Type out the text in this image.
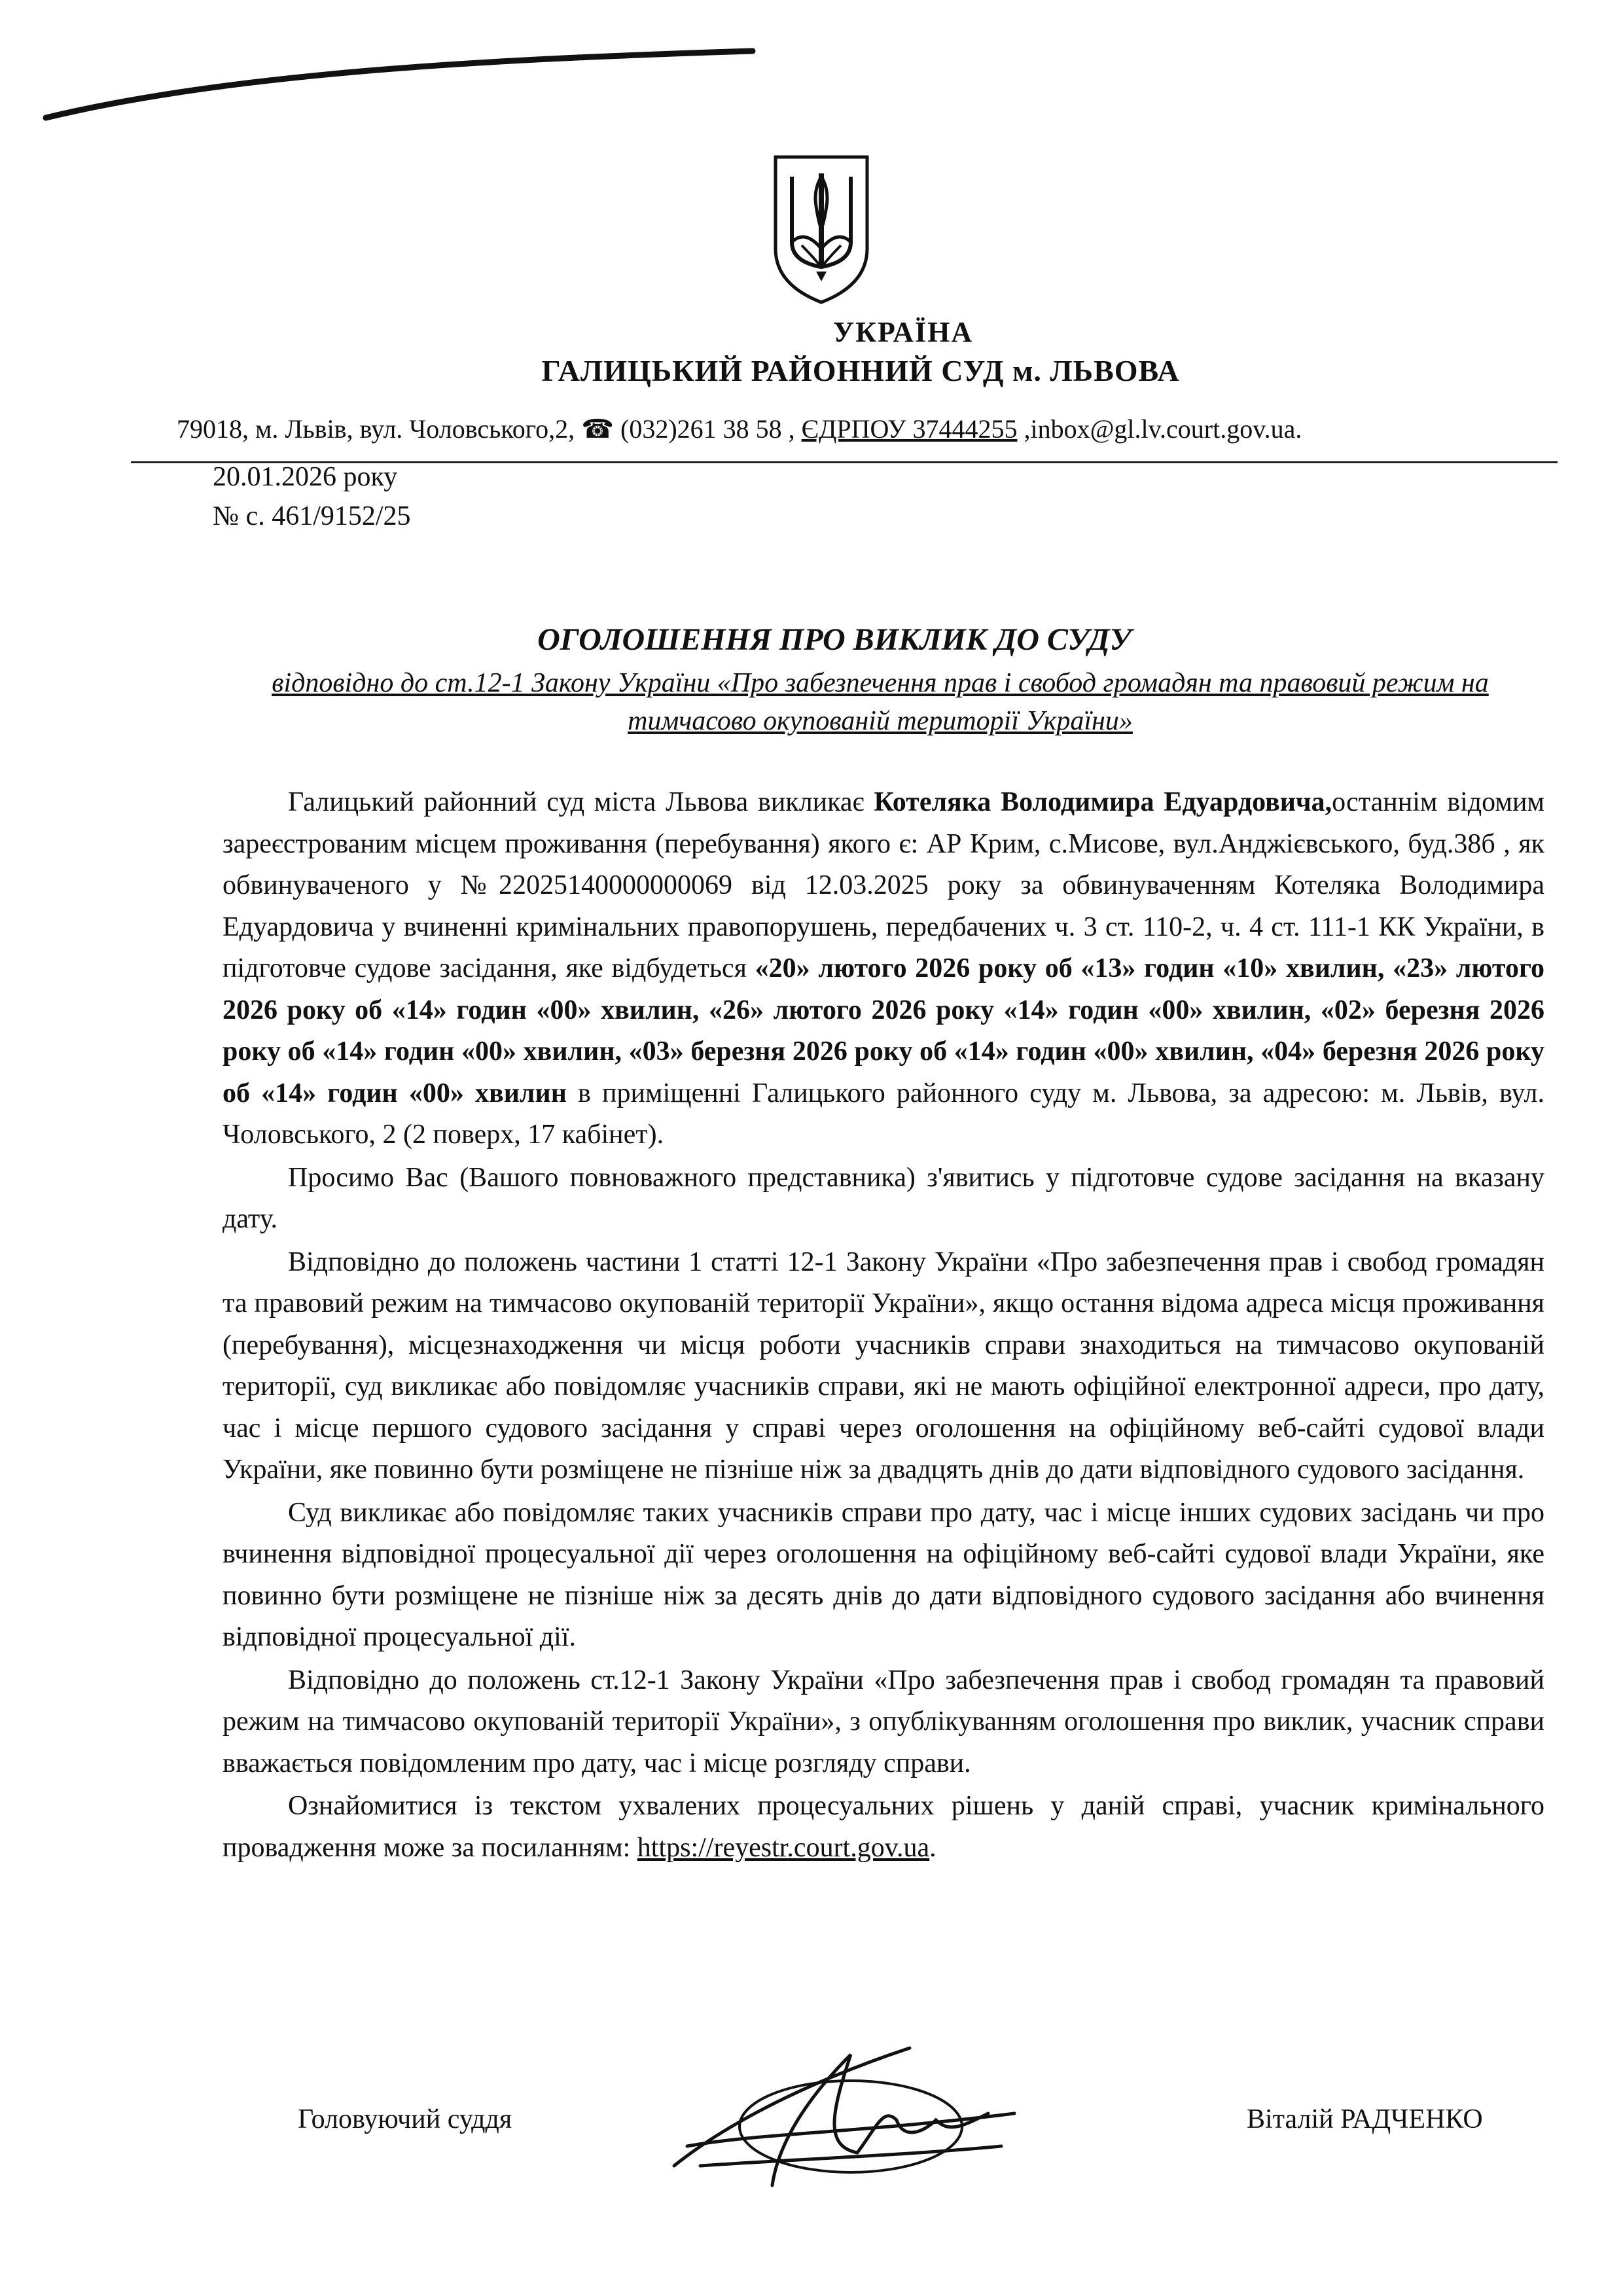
УКРАЇНА
ГАЛИЦЬКИЙ РАЙОННИЙ СУД м. ЛЬВОВА
79018, м. Львів, вул. Чоловського,2, ☎ (032)261 38 58 , ЄДРПОУ 37444255 ,inbox@gl.lv.court.gov.ua.
20.01.2026 року
№ с. 461/9152/25
ОГОЛОШЕННЯ ПРО ВИКЛИК ДО СУДУ
відповідно до ст.12-1 Закону України «Про забезпечення прав і свобод громадян та правовий режим на тимчасово окупованій території України»

Галицький районний суд міста Львова викликає Котеляка Володимира Едуардовича,останнім відомим зареєстрованим місцем проживання (перебування) якого є: АР Крим, с.Мисове, вул.Анджієвського, буд.38б , як обвинуваченого у №22025140000000069 від 12.03.2025 року за обвинуваченням Котеляка Володимира Едуардовича у вчиненні кримінальних правопорушень, передбачених ч. 3 ст. 110-2, ч. 4 ст. 111-1 КК України, в підготовче судове засідання, яке відбудеться «20» лютого 2026 року об «13» годин «10» хвилин, «23» лютого 2026 року об «14» годин «00» хвилин, «26» лютого 2026 року «14» годин «00» хвилин, «02» березня 2026 року об «14» годин «00» хвилин, «03» березня 2026 року об «14» годин «00» хвилин, «04» березня 2026 року об «14» годин «00» хвилин в приміщенні Галицького районного суду м. Львова, за адресою: м. Львів, вул. Чоловського, 2 (2 поверх, 17 кабінет).

Просимо Вас (Вашого повноважного представника) з'явитись у підготовче судове засідання на вказану дату.

Відповідно до положень частини 1 статті 12-1 Закону України «Про забезпечення прав і свобод громадян та правовий режим на тимчасово окупованій території України», якщо остання відома адреса місця проживання (перебування), місцезнаходження чи місця роботи учасників справи знаходиться на тимчасово окупованій території, суд викликає або повідомляє учасників справи, які не мають офіційної електронної адреси, про дату, час і місце першого судового засідання у справі через оголошення на офіційному веб-сайті судової влади України, яке повинно бути розміщене не пізніше ніж за двадцять днів до дати відповідного судового засідання.

Суд викликає або повідомляє таких учасників справи про дату, час і місце інших судових засідань чи про вчинення відповідної процесуальної дії через оголошення на офіційному веб-сайті судової влади України, яке повинно бути розміщене не пізніше ніж за десять днів до дати відповідного судового засідання або вчинення відповідної процесуальної дії.

Відповідно до положень ст.12-1 Закону України «Про забезпечення прав і свобод громадян та правовий режим на тимчасово окупованій території України», з опублікуванням оголошення про виклик, учасник справи вважається повідомленим про дату, час і місце розгляду справи.

Ознайомитися із текстом ухвалених процесуальних рішень у даній справі, учасник кримінального провадження може за посиланням: https://reyestr.court.gov.ua.

Головуючий суддя	Віталій РАДЧЕНКО
